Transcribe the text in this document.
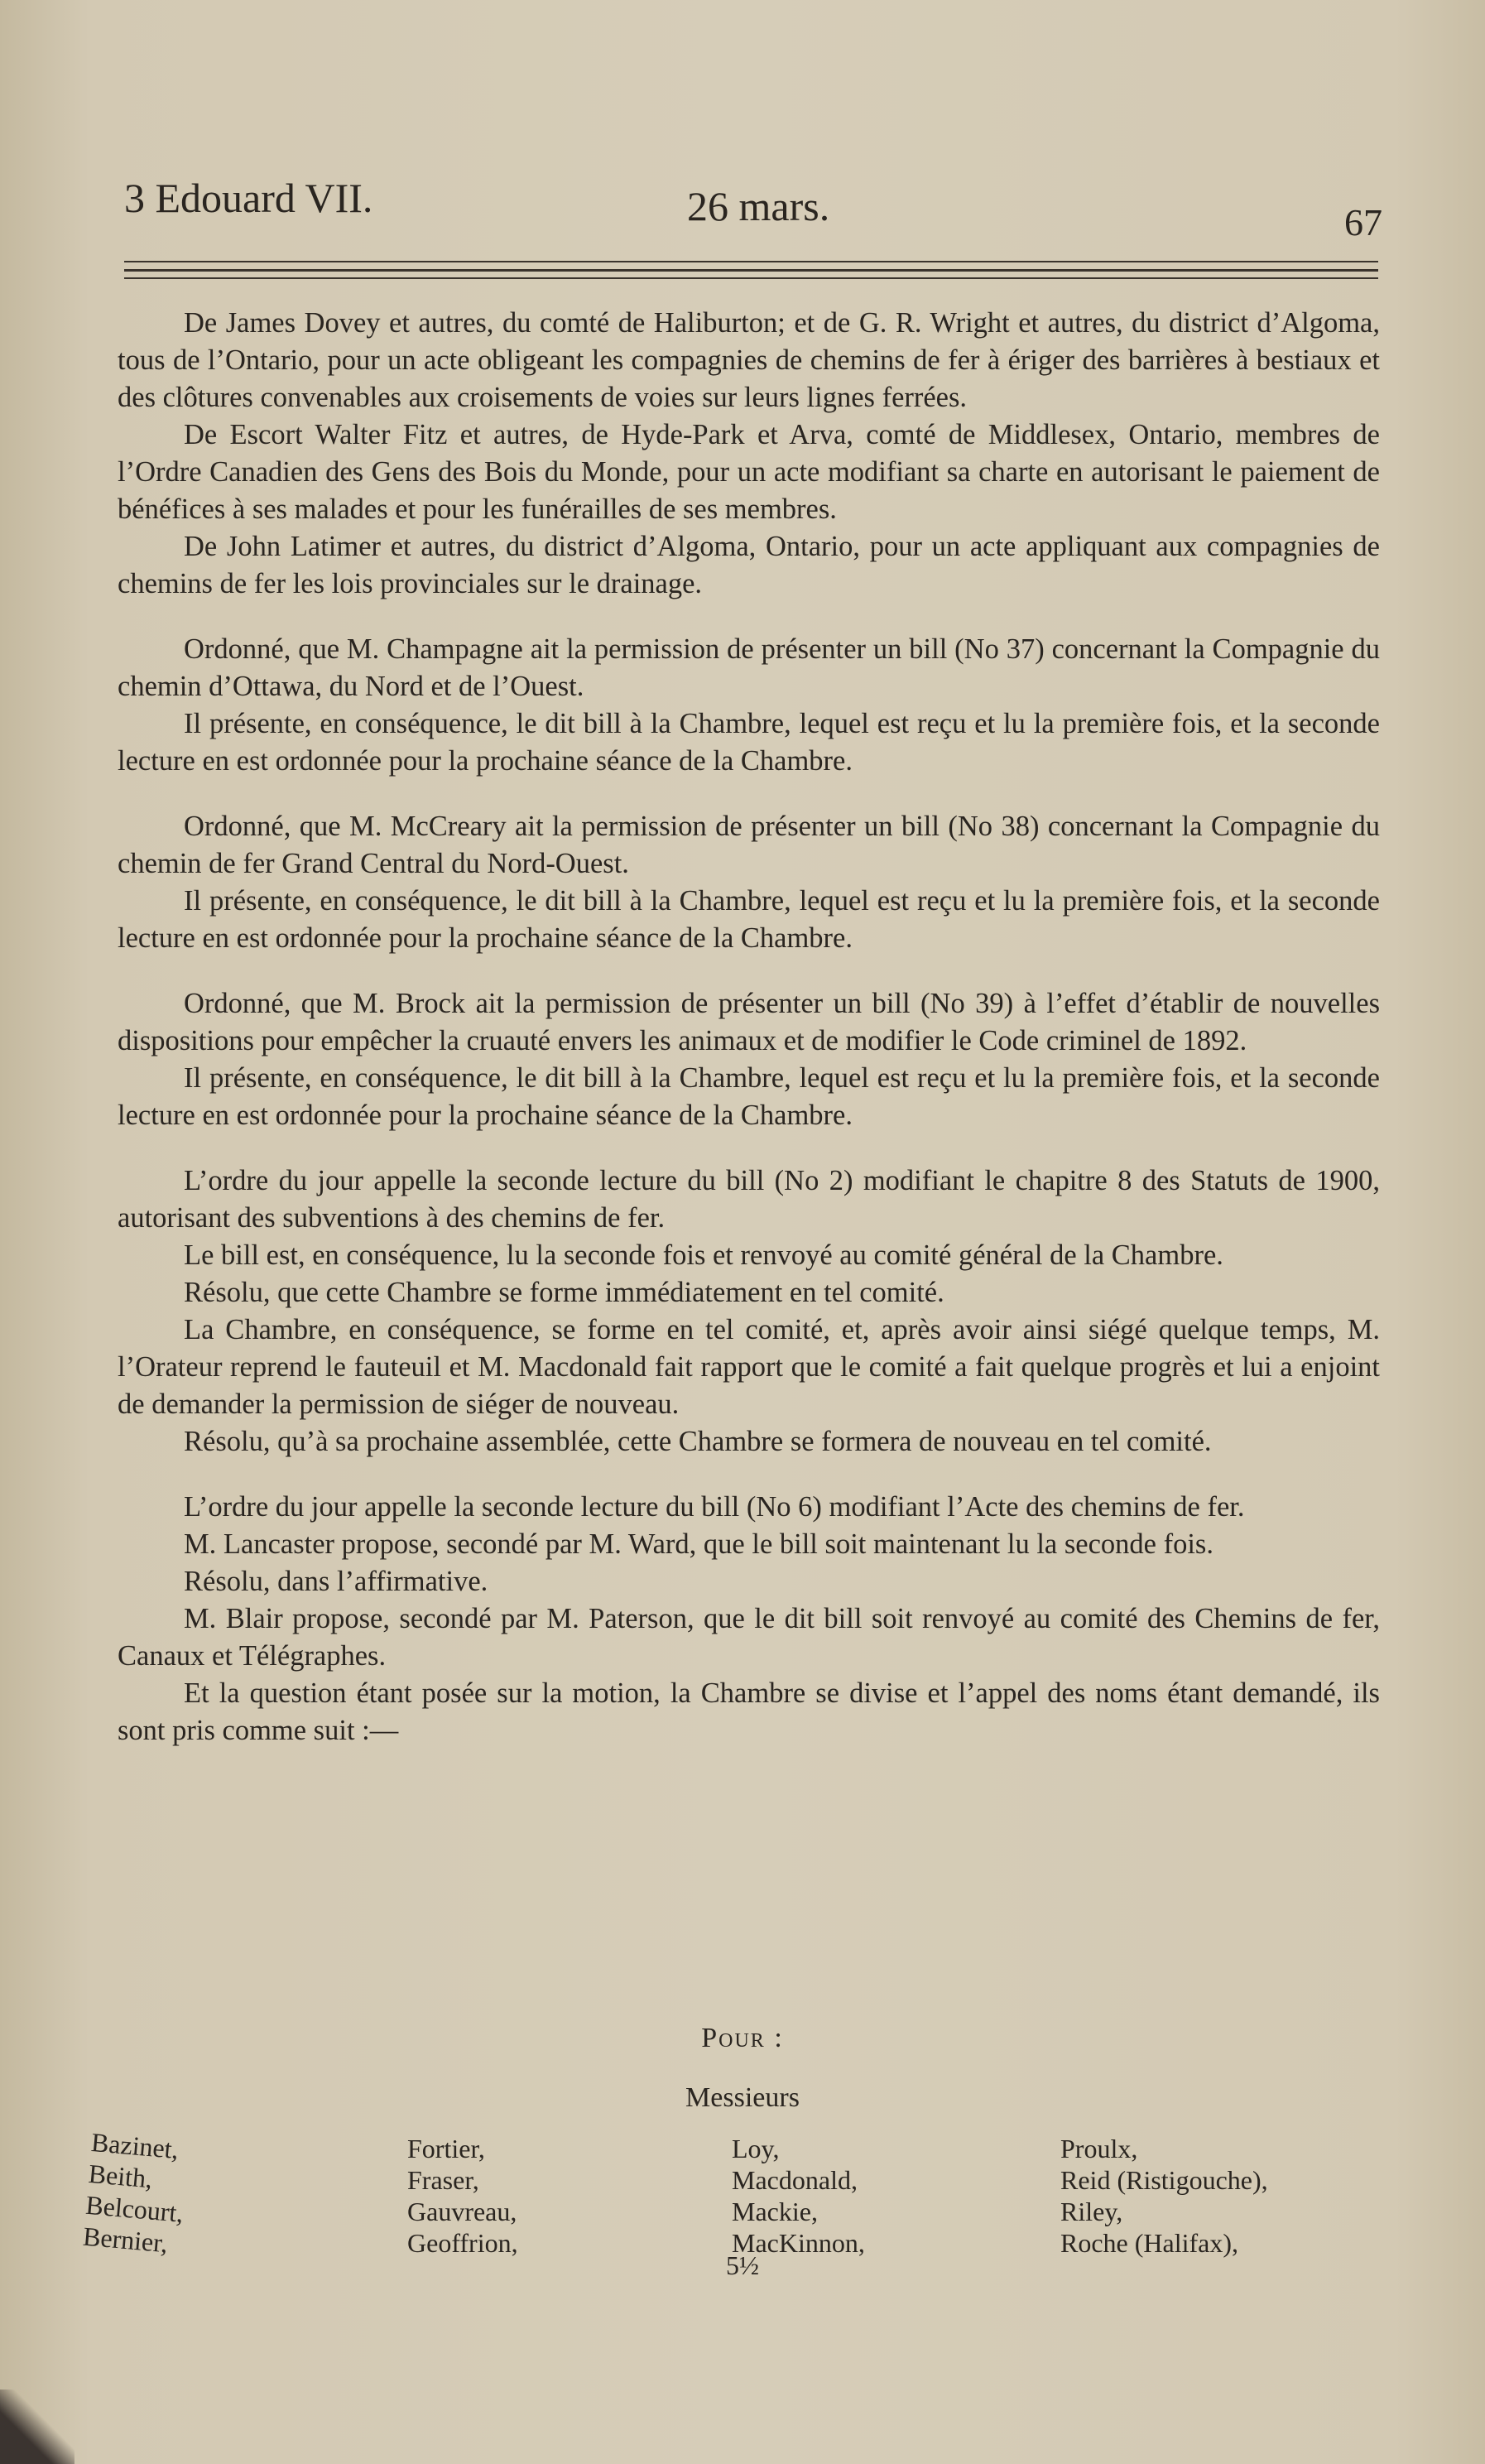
3 Edouard VII.	26 mars.	67

De James Dovey et autres, du comté de Haliburton; et de G. R. Wright et autres, du district d’Algoma, tous de l’Ontario, pour un acte obligeant les compagnies de chemins de fer à ériger des barrières à bestiaux et des clôtures convenables aux croisements de voies sur leurs lignes ferrées.

De Escort Walter Fitz et autres, de Hyde-Park et Arva, comté de Middlesex, Ontario, membres de l’Ordre Canadien des Gens des Bois du Monde, pour un acte modifiant sa charte en autorisant le paiement de bénéfices à ses malades et pour les funérailles de ses membres.

De John Latimer et autres, du district d’Algoma, Ontario, pour un acte appliquant aux compagnies de chemins de fer les lois provinciales sur le drainage.

Ordonné, que M. Champagne ait la permission de présenter un bill (No 37) concernant la Compagnie du chemin d’Ottawa, du Nord et de l’Ouest.

Il présente, en conséquence, le dit bill à la Chambre, lequel est reçu et lu la première fois, et la seconde lecture en est ordonnée pour la prochaine séance de la Chambre.

Ordonné, que M. McCreary ait la permission de présenter un bill (No 38) concernant la Compagnie du chemin de fer Grand Central du Nord-Ouest.

Il présente, en conséquence, le dit bill à la Chambre, lequel est reçu et lu la première fois, et la seconde lecture en est ordonnée pour la prochaine séance de la Chambre.

Ordonné, que M. Brock ait la permission de présenter un bill (No 39) à l’effet d’établir de nouvelles dispositions pour empêcher la cruauté envers les animaux et de modifier le Code criminel de 1892.

Il présente, en conséquence, le dit bill à la Chambre, lequel est reçu et lu la première fois, et la seconde lecture en est ordonnée pour la prochaine séance de la Chambre.

L’ordre du jour appelle la seconde lecture du bill (No 2) modifiant le chapitre 8 des Statuts de 1900, autorisant des subventions à des chemins de fer.

Le bill est, en conséquence, lu la seconde fois et renvoyé au comité général de la Chambre.

Résolu, que cette Chambre se forme immédiatement en tel comité.

La Chambre, en conséquence, se forme en tel comité, et, après avoir ainsi siégé quelque temps, M. l’Orateur reprend le fauteuil et M. Macdonald fait rapport que le comité a fait quelque progrès et lui a enjoint de demander la permission de siéger de nouveau.

Résolu, qu’à sa prochaine assemblée, cette Chambre se formera de nouveau en tel comité.

L’ordre du jour appelle la seconde lecture du bill (No 6) modifiant l’Acte des chemins de fer.

M. Lancaster propose, secondé par M. Ward, que le bill soit maintenant lu la seconde fois.

Résolu, dans l’affirmative.

M. Blair propose, secondé par M. Paterson, que le dit bill soit renvoyé au comité des Chemins de fer, Canaux et Télégraphes.

Et la question étant posée sur la motion, la Chambre se divise et l’appel des noms étant demandé, ils sont pris comme suit :—

Pour :
Messieurs
Bazinet,
Beith,
Belcourt,
Bernier,
Fortier,
Fraser,
Gauvreau,
Geoffrion,
Loy,
Macdonald,
Mackie,
MacKinnon,
Proulx,
Reid (Ristigouche),
Riley,
Roche (Halifax),
5½
